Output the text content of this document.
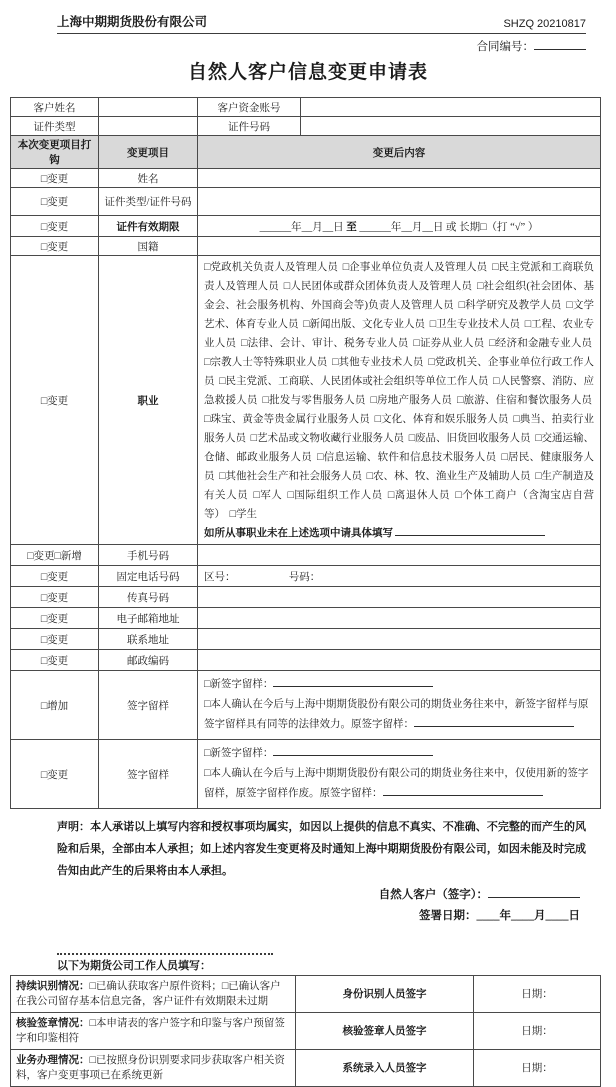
上海中期期货股份有限公司	SHZQ 20210817
合同编号：
自然人客户信息变更申请表
客户姓名		客户资金账号	
证件类型		证件号码	
本次变更项目打钩	变更项目	变更后内容	
□变更	姓名		
□变更	证件类型/证件号码		
□变更	证件有效期限	______年__月__日 至 ______年__月__日 或 长期□（打 “√” ）	
□变更	国籍		
□变更	职业	□党政机关负责人及管理人员 □企事业单位负责人及管理人员 □民主党派和工商联负责人及管理人员 □人民团体或群众团体负责人及管理人员 □社会组织(社会团体、基金会、社会服务机构、外国商会等)负责人及管理人员 □科学研究及教学人员 □文学艺术、体育专业人员 □新闻出版、文化专业人员 □卫生专业技术人员 □工程、农业专业人员 □法律、会计、审计、税务专业人员 □证券从业人员 □经济和金融专业人员 □宗教人士等特殊职业人员 □其他专业技术人员 □党政机关、企事业单位行政工作人员 □民主党派、工商联、人民团体或社会组织等单位工作人员 □人民警察、消防、应急救援人员 □批发与零售服务人员 □房地产服务人员 □旅游、住宿和餐饮服务人员 □珠宝、黄金等贵金属行业服务人员 □文化、体育和娱乐服务人员 □典当、拍卖行业服务人员 □艺术品或文物收藏行业服务人员 □废品、旧货回收服务人员 □交通运输、仓储、邮政业服务人员 □信息运输、软件和信息技术服务人员 □居民、健康服务人员 □其他社会生产和社会服务人员 □农、林、牧、渔业生产及辅助人员 □生产制造及有关人员 □军人 □国际组织工作人员 □离退休人员 □个体工商户（含淘宝店自营等） □学生
如所从事职业未在上述选项中请具体填写	

□变更□新增	手机号码		
□变更	固定电话号码	区号： 号码：	
□变更	传真号码		
□变更	电子邮箱地址		
□变更	联系地址		
□变更	邮政编码		
□增加	签字留样	□新签字留样：
□本人确认在今后与上海中期期货股份有限公司的期货业务往来中，新签字留样与原签字留样具有同等的法律效力。原签字留样：	
□变更	签字留样	□新签字留样：
□本人确认在今后与上海中期期货股份有限公司的期货业务往来中，仅使用新的签字留样，原签字留样作废。原签字留样：	
声明：本人承诺以上填写内容和授权事项均属实，如因以上提供的信息不真实、不准确、不完整的而产生的风险和后果，全部由本人承担；如上述内容发生变更将及时通知上海中期期货股份有限公司，如因未能及时完成告知由此产生的后果将由本人承担。
自然人客户（签字）：
签署日期：____年____月____日
以下为期货公司工作人员填写：
持续识别情况：□已确认获取客户原件资料；□已确认客户在我公司留存基本信息完备，客户证件有效期限未过期	身份识别人员签字	日期：
核验签章情况：□本申请表的客户签字和印鉴与客户预留签字和印鉴相符	核验签章人员签字	日期：
业务办理情况：□已按照身份识别要求同步获取客户相关资料，客户变更事项已在系统更新	系统录入人员签字	日期：
